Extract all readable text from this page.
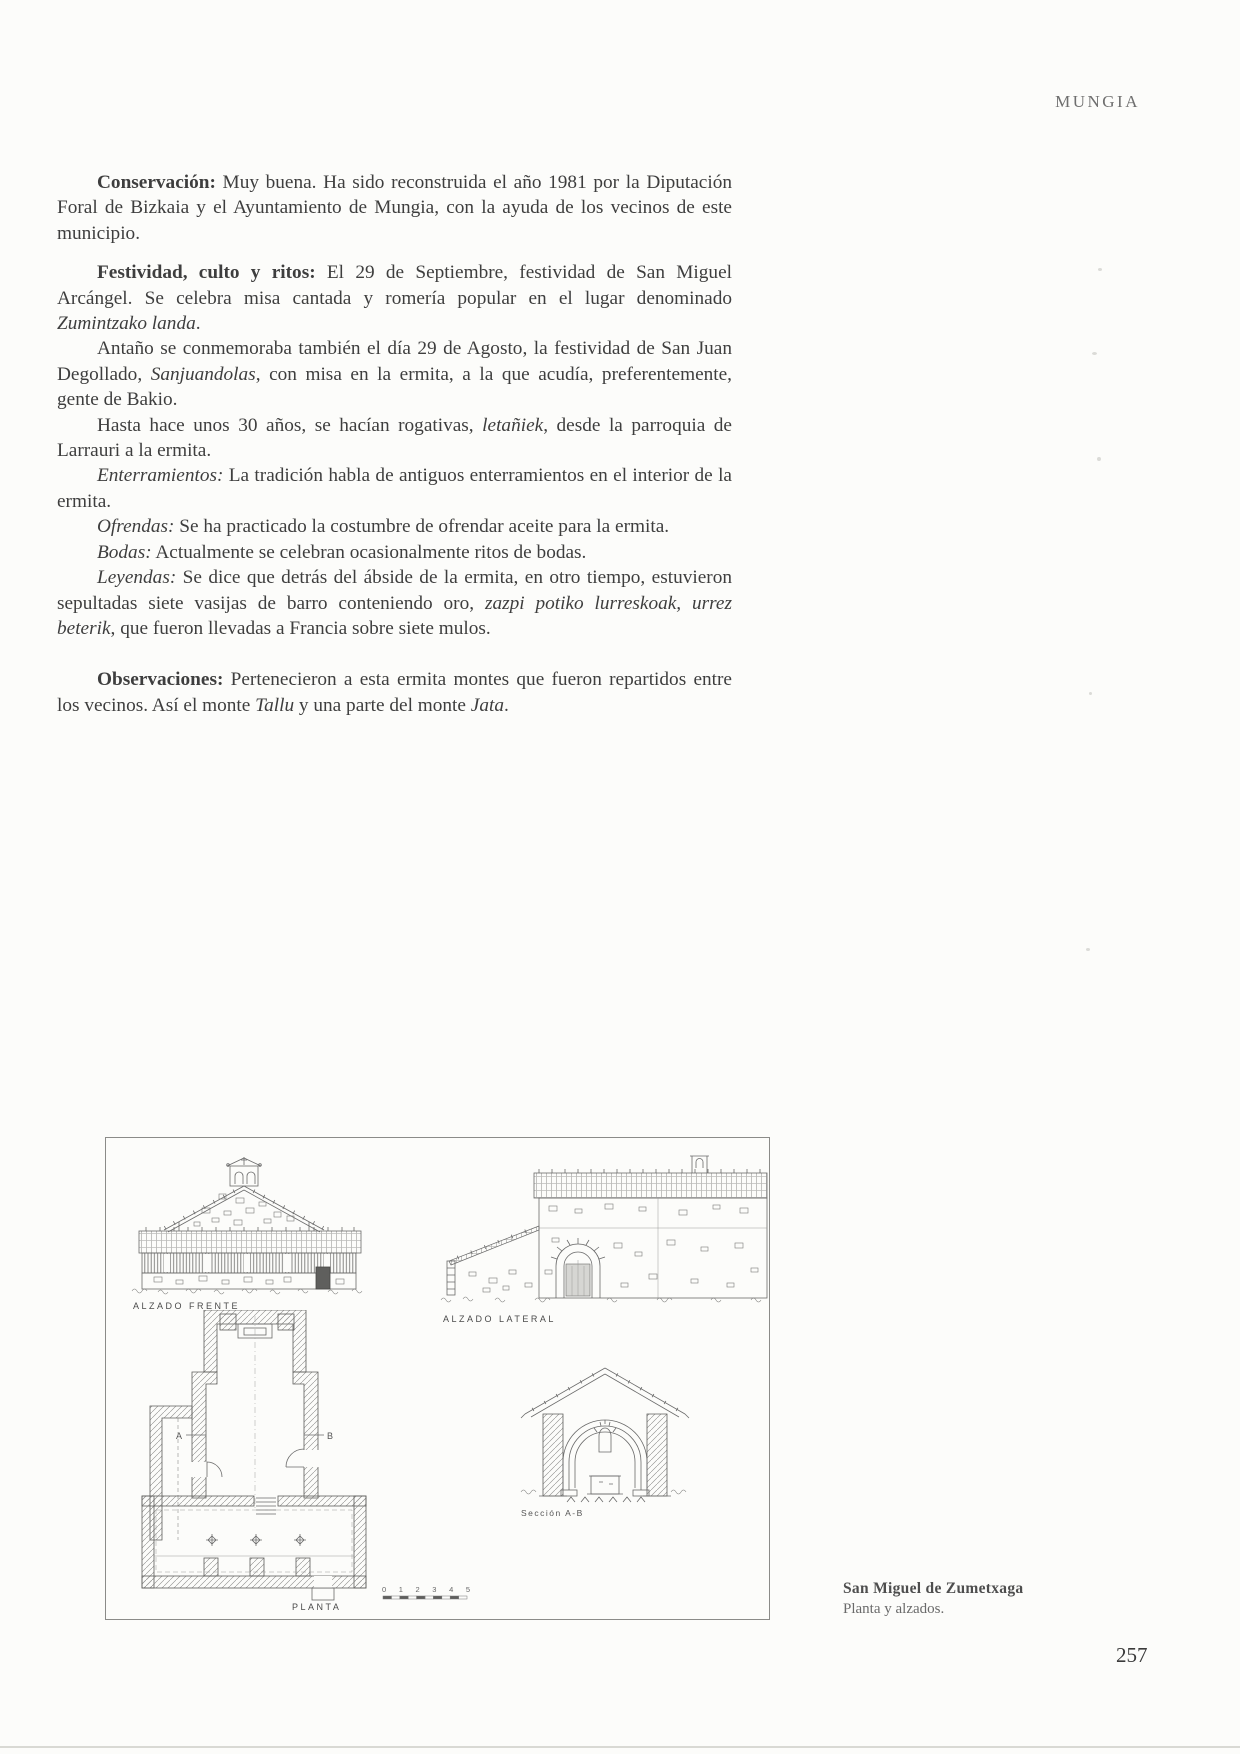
MUNGIA

Conservación: Muy buena. Ha sido reconstruida el año 1981 por la Diputación Foral de Bizkaia y el Ayuntamiento de Mungia, con la ayuda de los vecinos de este municipio.

Festividad, culto y ritos: El 29 de Septiembre, festividad de San Miguel Arcángel. Se celebra misa cantada y romería popular en el lugar denominado Zumintzako landa.

Antaño se conmemoraba también el día 29 de Agosto, la festividad de San Juan Degollado, Sanjuandolas, con misa en la ermita, a la que acudía, preferentemente, gente de Bakio.

Hasta hace unos 30 años, se hacían rogativas, letañiek, desde la parroquia de Larrauri a la ermita.

Enterramientos: La tradición habla de antiguos enterramientos en el interior de la ermita.

Ofrendas: Se ha practicado la costumbre de ofrendar aceite para la ermita.

Bodas: Actualmente se celebran ocasionalmente ritos de bodas.

Leyendas: Se dice que detrás del ábside de la ermita, en otro tiempo, estuvieron sepultadas siete vasijas de barro conteniendo oro, zazpi potiko lurreskoak, urrez beterik, que fueron llevadas a Francia sobre siete mulos.

Observaciones: Pertenecieron a esta ermita montes que fueron repartidos entre los vecinos. Así el monte Tallu y una parte del monte Jata.

A	B
ALZADO FRENTE
ALZADO LATERAL
PLANTA
Sección A-B
0 1 2 3 4 5	San Miguel de Zumetxaga
Planta y alzados.
257
